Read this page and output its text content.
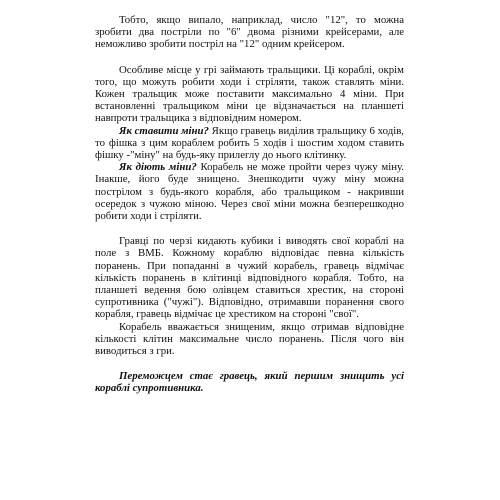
Тобто, якщо випало, наприклад, число "12", то можна зробити два постріли по "6" двома різними крейсерами, але неможливо зробити постріл на "12" одним крейсером.

Особливе місце у грі займають тральщики. Ці кораблі, окрім того, що можуть робити ходи і стріляти, також ставлять міни. Кожен тральщик може поставити максимально 4 міни. При встановленні тральщиком міни це відзначається на планшеті навпроти тральщика з відповідним номером.

Як ставити міни? Якщо гравець виділив тральщику 6 ходів, то фішка з цим кораблем робить 5 ходів і шостим ходом ставить фішку -"міну" на будь-яку прилеглу до нього клітинку.

Як діють міни? Корабель не може пройти через чужу міну. Інакше, його буде знищено. Знешкодити чужу міну можна пострілом з будь-якого корабля, або тральщиком - накривши осередок з чужою міною. Через свої міни можна безперешкодно робити ходи і стріляти.

Гравці по черзі кидають кубики і виводять свої кораблі на поле з ВМБ. Кожному кораблю відповідає певна кількість поранень. При попаданні в чужий корабель, гравець відмічає кількість поранень в клітинці відповідного корабля. Тобто, на планшеті ведення бою олівцем ставиться хрестик, на стороні супротивника ("чужі"). Відповідно, отримавши поранення свого корабля, гравець відмічає це хрестиком на стороні "свої".

Корабель вважається знищеним, якщо отримав відповідне кількості клітин максимальне число поранень. Після чого він виводиться з гри.

Переможцем стає гравець, який першим знищить усі кораблі супротивника.
